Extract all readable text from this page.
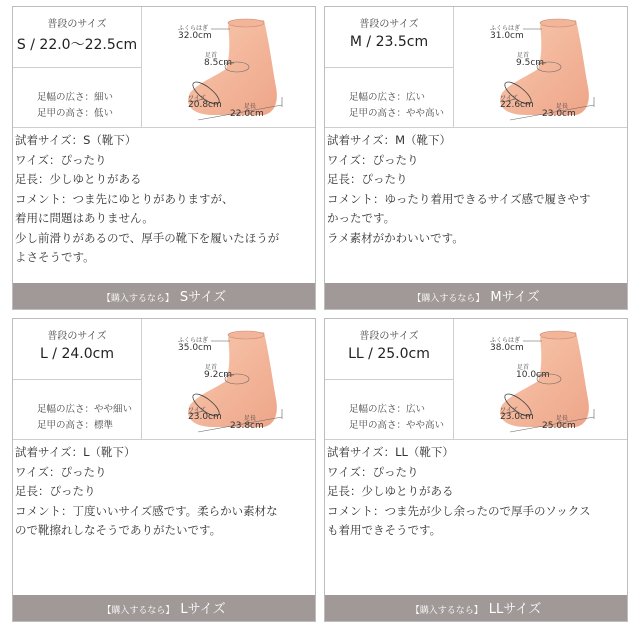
普段のサイズ
S / 22.0〜22.5cm
足幅の広さ：細い
足甲の高さ：低い
ふくらはぎ
32.0cm
足首
8.5cm
ワイズ
20.8cm	足長
22.0cm
試着サイズ：S（靴下）
ワイズ：ぴったり
足長：少しゆとりがある
コメント：つま先にゆとりがありますが、
着用に問題はありません。
少し前滑りがあるので、厚手の靴下を履いたほうが
よさそうです。
【購入するなら】 Sサイズ
普段のサイズ
M / 23.5cm
足幅の広さ：広い
足甲の高さ：やや高い
ふくらはぎ
31.0cm
足首
9.5cm
ワイズ
22.6cm	足長
23.0cm
試着サイズ：M（靴下）
ワイズ：ぴったり
足長：ぴったり
コメント：ゆったり着用できるサイズ感で履きやす
かったです。
ラメ素材がかわいいです。
【購入するなら】 Mサイズ
普段のサイズ
L / 24.0cm
足幅の広さ：やや細い
足甲の高さ：標準
ふくらはぎ
35.0cm
足首
9.2cm
ワイズ
23.0cm	足長
23.8cm
試着サイズ：L（靴下）
ワイズ：ぴったり
足長：ぴったり
コメント：丁度いいサイズ感です。柔らかい素材な
ので靴擦れしなそうでありがたいです。
【購入するなら】 Lサイズ
普段のサイズ
LL / 25.0cm
足幅の広さ：広い
足甲の高さ：やや高い
ふくらはぎ
38.0cm
足首
10.0cm
ワイズ
23.0cm	足長
25.0cm
試着サイズ：LL（靴下）
ワイズ：ぴったり
足長：少しゆとりがある
コメント：つま先が少し余ったので厚手のソックス
も着用できそうです。
【購入するなら】 LLサイズ
